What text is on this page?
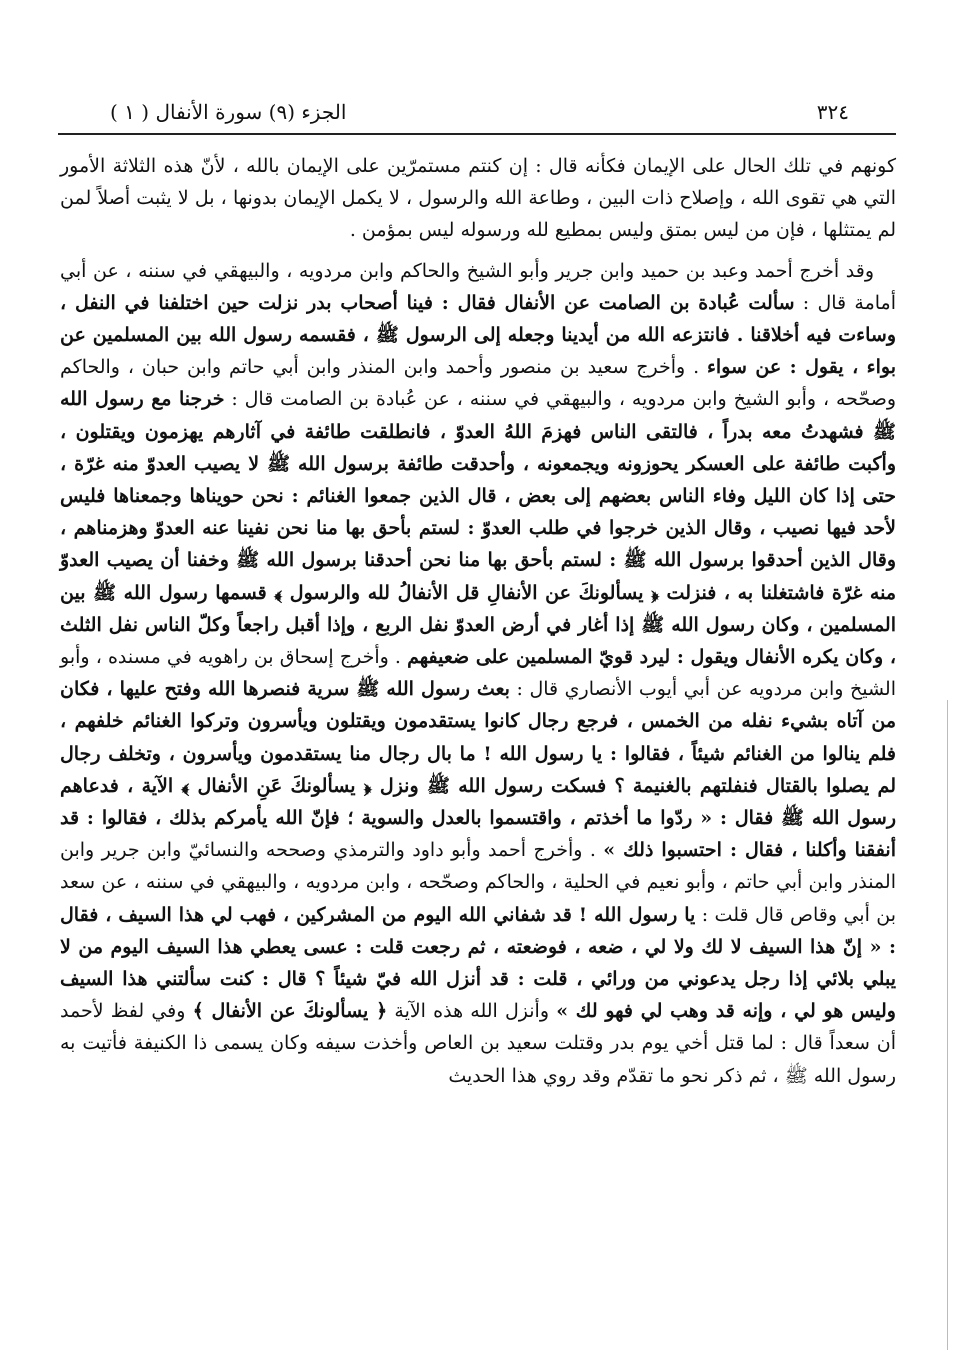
٣٢٤
الجزء (٩) سورة الأنفال ( ١ )

كونهم في تلك الحال على الإيمان فكأنه قال : إن كنتم مستمرّين على الإيمان بالله ، لأنّ هذه الثلاثة الأمور التي هي تقوى الله ، وإصلاح ذات البين ، وطاعة الله والرسول ، لا يكمل الإيمان بدونها ، بل لا يثبت أصلاً لمن لم يمتثلها ، فإن من ليس بمتق وليس بمطيع لله ورسوله ليس بمؤمن .

وقد أخرج أحمد وعبد بن حميد وابن جرير وأبو الشيخ والحاكم وابن مردويه ، والبيهقي في سننه ، عن أبي أمامة قال : سألت عُبادة بن الصامت عن الأنفال فقال : فينا أصحاب بدر نزلت حين اختلفنا في النفل ، وساءت فيه أخلاقنا . فانتزعه الله من أيدينا وجعله إلى الرسول ﷺ ، فقسمه رسول الله بين المسلمين عن بواء ، يقول : عن سواء . وأخرج سعيد بن منصور وأحمد وابن المنذر وابن أبي حاتم وابن حبان ، والحاكم وصحّحه ، وأبو الشيخ وابن مردويه ، والبيهقي في سننه ، عن عُبادة بن الصامت قال : خرجنا مع رسول الله ﷺ فشهدتُ معه بدراً ، فالتقى الناس فهزمَ اللهُ العدوّ ، فانطلقت طائفة في آثارهم يهزمون ويقتلون ، وأكبت طائفة على العسكر يحوزونه ويجمعونه ، وأحدقت طائفة برسول الله ﷺ لا يصيب العدوّ منه غرّة ، حتى إذا كان الليل وفاء الناس بعضهم إلى بعض ، قال الذين جمعوا الغنائم : نحن حويناها وجمعناها فليس لأحد فيها نصيب ، وقال الذين خرجوا في طلب العدوّ : لستم بأحق بها منا نحن نفينا عنه العدوّ وهزمناهم ، وقال الذين أحدقوا برسول الله ﷺ : لستم بأحق بها منا نحن أحدقنا برسول الله ﷺ وخفنا أن يصيب العدوّ منه غرّة فاشتغلنا به ، فنزلت ﴿ يسألونكَ عن الأنفالِ قل الأنفالُ لله والرسول ﴾ قسمها رسول الله ﷺ بين المسلمين ، وكان رسول الله ﷺ إذا أغار في أرض العدوّ نفل الربع ، وإذا أقبل راجعاً وكلّ الناس نفل الثلث ، وكان يكره الأنفال ويقول : ليرد قويّ المسلمين على ضعيفهم . وأخرج إسحاق بن راهويه في مسنده ، وأبو الشيخ وابن مردويه عن أبي أيوب الأنصاري قال : بعث رسول الله ﷺ سرية فنصرها الله وفتح عليها ، فكان من آتاه بشيء نفله من الخمس ، فرجع رجال كانوا يستقدمون ويقتلون ويأسرون وتركوا الغنائم خلفهم ، فلم ينالوا من الغنائم شيئاً ، فقالوا : يا رسول الله ! ما بال رجال منا يستقدمون ويأسرون ، وتخلف رجال لم يصلوا بالقتال فنفلتهم بالغنيمة ؟ فسكت رسول الله ﷺ ونزل ﴿ يسألونكَ عَنِ الأنفال ﴾ الآية ، فدعاهم رسول الله ﷺ فقال : « ردّوا ما أخذتم ، واقتسموا بالعدل والسوية ؛ فإنّ الله يأمركم بذلك ، فقالوا : قد أنفقنا وأكلنا ، فقال : احتسبوا ذلك » . وأخرج أحمد وأبو داود والترمذي وصححه والنسائيّ وابن جرير وابن المنذر وابن أبي حاتم ، وأبو نعيم في الحلية ، والحاكم وصحّحه ، وابن مردويه ، والبيهقي في سننه ، عن سعد بن أبي وقاص قال قلت : يا رسول الله ! قد شفاني الله اليوم من المشركين ، فهب لي هذا السيف ، فقال : « إنّ هذا السيف لا لك ولا لي ، ضعه ، فوضعته ، ثم رجعت قلت : عسى يعطي هذا السيف اليوم من لا يبلي بلائي إذا رجل يدعوني من ورائي ، قلت : قد أنزل الله فيّ شيئاً ؟ قال : كنت سألتني هذا السيف وليس هو لي ، وإنه قد وهب لي فهو لك » وأنزل الله هذه الآية ﴿ يسألونكَ عن الأنفال ﴾ وفي لفظ لأحمد أن سعداً قال : لما قتل أخي يوم بدر وقتلت سعيد بن العاص وأخذت سيفه وكان يسمى ذا الكنيفة فأتيت به رسول الله ﷺ ، ثم ذكر نحو ما تقدّم وقد روي هذا الحديث
